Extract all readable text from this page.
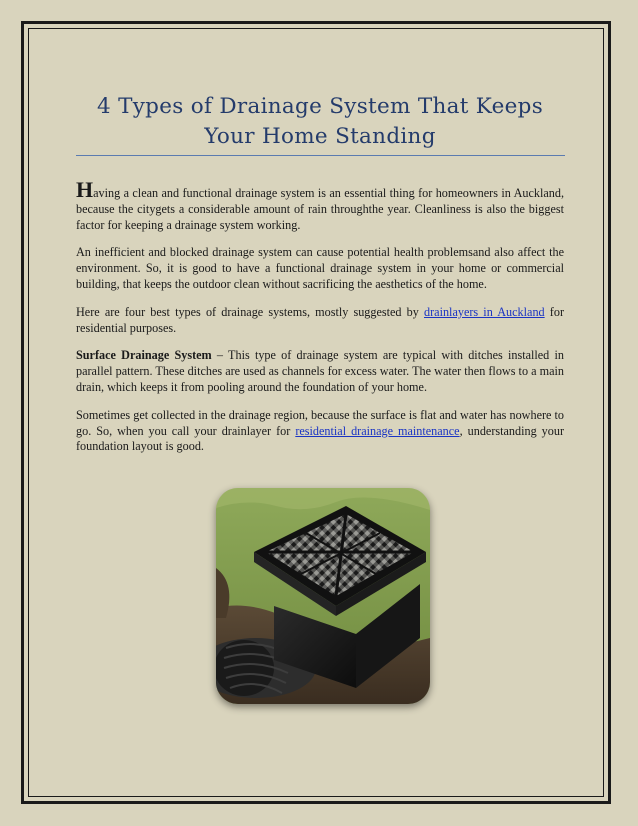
4 Types of Drainage System That Keeps Your Home Standing

Having a clean and functional drainage system is an essential thing for homeowners in Auckland, because the citygets a considerable amount of rain throughthe year. Cleanliness is also the biggest factor for keeping a drainage system working.

An inefficient and blocked drainage system can cause potential health problemsand also affect the environment. So, it is good to have a functional drainage system in your home or commercial building, that keeps the outdoor clean without sacrificing the aesthetics of the home.

Here are four best types of drainage systems, mostly suggested by drainlayers in Auckland for residential purposes.

Surface Drainage System – This type of drainage system are typical with ditches installed in parallel pattern. These ditches are used as channels for excess water. The water then flows to a main drain, which keeps it from pooling around the foundation of your home.

Sometimes get collected in the drainage region, because the surface is flat and water has nowhere to go. So, when you call your drainlayer for residential drainage maintenance, understanding your foundation layout is good.
